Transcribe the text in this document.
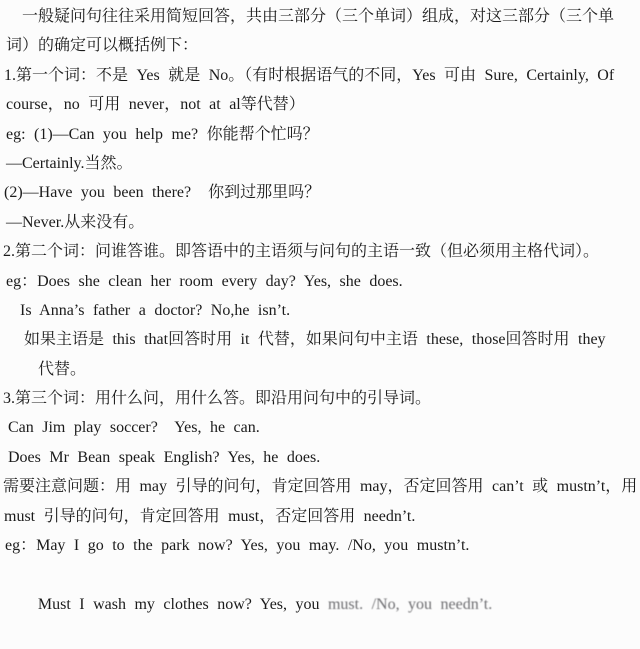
一般疑问句往往采用简短回答，共由三部分（三个单词）组成，对这三部分（三个单
词）的确定可以概括例下：
1.第一个词：不是 Yes 就是 No。（有时根据语气的不同，Yes 可由 Sure, Certainly, Of
course，no 可用 never，not at al等代替）
eg: (1)—Can you help me? 你能帮个忙吗？
—Certainly.当然。
(2)—Have you been there?  你到过那里吗？
—Never.从来没有。
2.第二个词：问谁答谁。即答语中的主语须与问句的主语一致（但必须用主格代词）。
eg：Does she clean her room every day? Yes, she does.
Is Anna’s father a doctor? No,he isn’t.
如果主语是 this that回答时用 it 代替，如果问句中主语 these, those回答时用 they
代替。
3.第三个词：用什么问，用什么答。即沿用问句中的引导词。
Can Jim play soccer?  Yes, he can.
Does Mr Bean speak English? Yes, he does.
需要注意问题：用 may 引导的问句，肯定回答用 may，否定回答用 can’t 或 mustn’t，用
must 引导的问句，肯定回答用 must，否定回答用 needn’t.
eg：May I go to the park now? Yes, you may. /No, you mustn’t.

Must I wash my clothes now? Yes, you must. /No, you needn’t.
